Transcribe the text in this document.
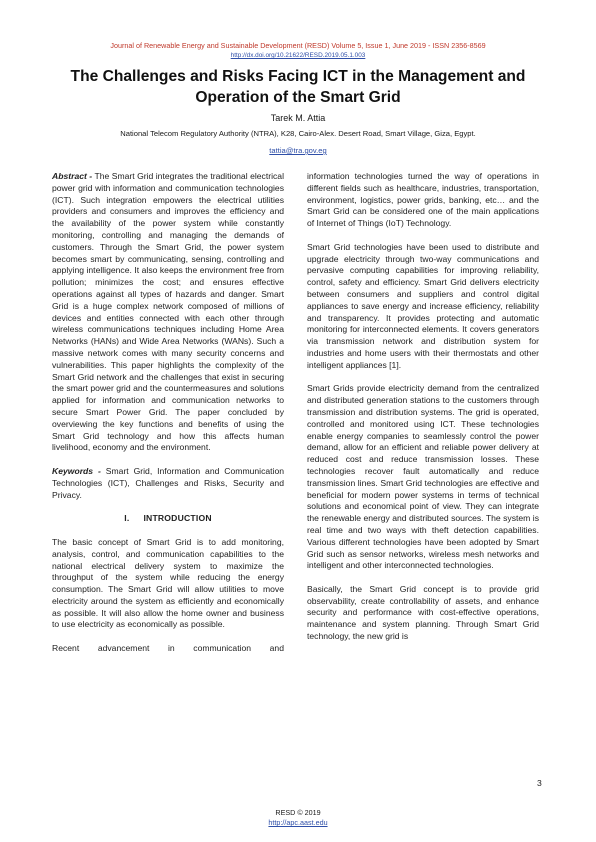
Journal of Renewable Energy and Sustainable Development (RESD) Volume 5, Issue 1, June 2019 - ISSN 2356-8569
http://dx.doi.org/10.21622/RESD.2019.05.1.003
The Challenges and Risks Facing ICT in the Management and Operation of the Smart Grid
Tarek M. Attia
National Telecom Regulatory Authority (NTRA), K28, Cairo-Alex. Desert Road, Smart Village, Giza, Egypt.
tattia@tra.gov.eg

Abstract - The Smart Grid integrates the traditional electrical power grid with information and communication technologies (ICT). Such integration empowers the electrical utilities providers and consumers and improves the efficiency and the availability of the power system while constantly monitoring, controlling and managing the demands of customers. Through the Smart Grid, the power system becomes smart by communicating, sensing, controlling and applying intelligence. It also keeps the environment free from pollution; minimizes the cost; and ensures effective operations against all types of hazards and danger. Smart Grid is a huge complex network composed of millions of devices and entities connected with each other through wireless communications techniques including Home Area Networks (HANs) and Wide Area Networks (WANs). Such a massive network comes with many security concerns and vulnerabilities. This paper highlights the complexity of the Smart Grid network and the challenges that exist in securing the smart power grid and the countermeasures and solutions applied for information and communication networks to secure Smart Power Grid. The paper concluded by overviewing the key functions and benefits of using the Smart Grid technology and how this affects human livelihood, economy and the environment.

Keywords - Smart Grid, Information and Communication Technologies (ICT), Challenges and Risks, Security and Privacy.

I. INTRODUCTION

The basic concept of Smart Grid is to add monitoring, analysis, control, and communication capabilities to the national electrical delivery system to maximize the throughput of the system while reducing the energy consumption. The Smart Grid will allow utilities to move electricity around the system as efficiently and economically as possible. It will also allow the home owner and business to use electricity as economically as possible.

Recent advancement in communication and

information technologies turned the way of operations in different fields such as healthcare, industries, transportation, environment, logistics, power grids, banking, etc… and the Smart Grid can be considered one of the main applications of Internet of Things (IoT) Technology.

Smart Grid technologies have been used to distribute and upgrade electricity through two-way communications and pervasive computing capabilities for improving reliability, control, safety and efficiency. Smart Grid delivers electricity between consumers and suppliers and control digital appliances to save energy and increase efficiency, reliability and transparency. It provides protecting and automatic monitoring for interconnected elements. It covers generators via transmission network and distribution system for industries and home users with their thermostats and other intelligent appliances [1].

Smart Grids provide electricity demand from the centralized and distributed generation stations to the customers through transmission and distribution systems. The grid is operated, controlled and monitored using ICT. These technologies enable energy companies to seamlessly control the power demand, allow for an efficient and reliable power delivery at reduced cost and reduce transmission losses. These technologies recover fault automatically and reduce transmission lines. Smart Grid technologies are effective and beneficial for modern power systems in terms of technical solutions and economical point of view. They can integrate the renewable energy and distributed sources. The system is real time and two ways with theft detection capabilities. Various different technologies have been adopted by Smart Grid such as sensor networks, wireless mesh networks and intelligent and other interconnected technologies.

Basically, the Smart Grid concept is to provide grid observability, create controllability of assets, and enhance security and performance with cost-effective operations, maintenance and system planning. Through Smart Grid technology, the new grid is

3
RESD © 2019
http://apc.aast.edu
